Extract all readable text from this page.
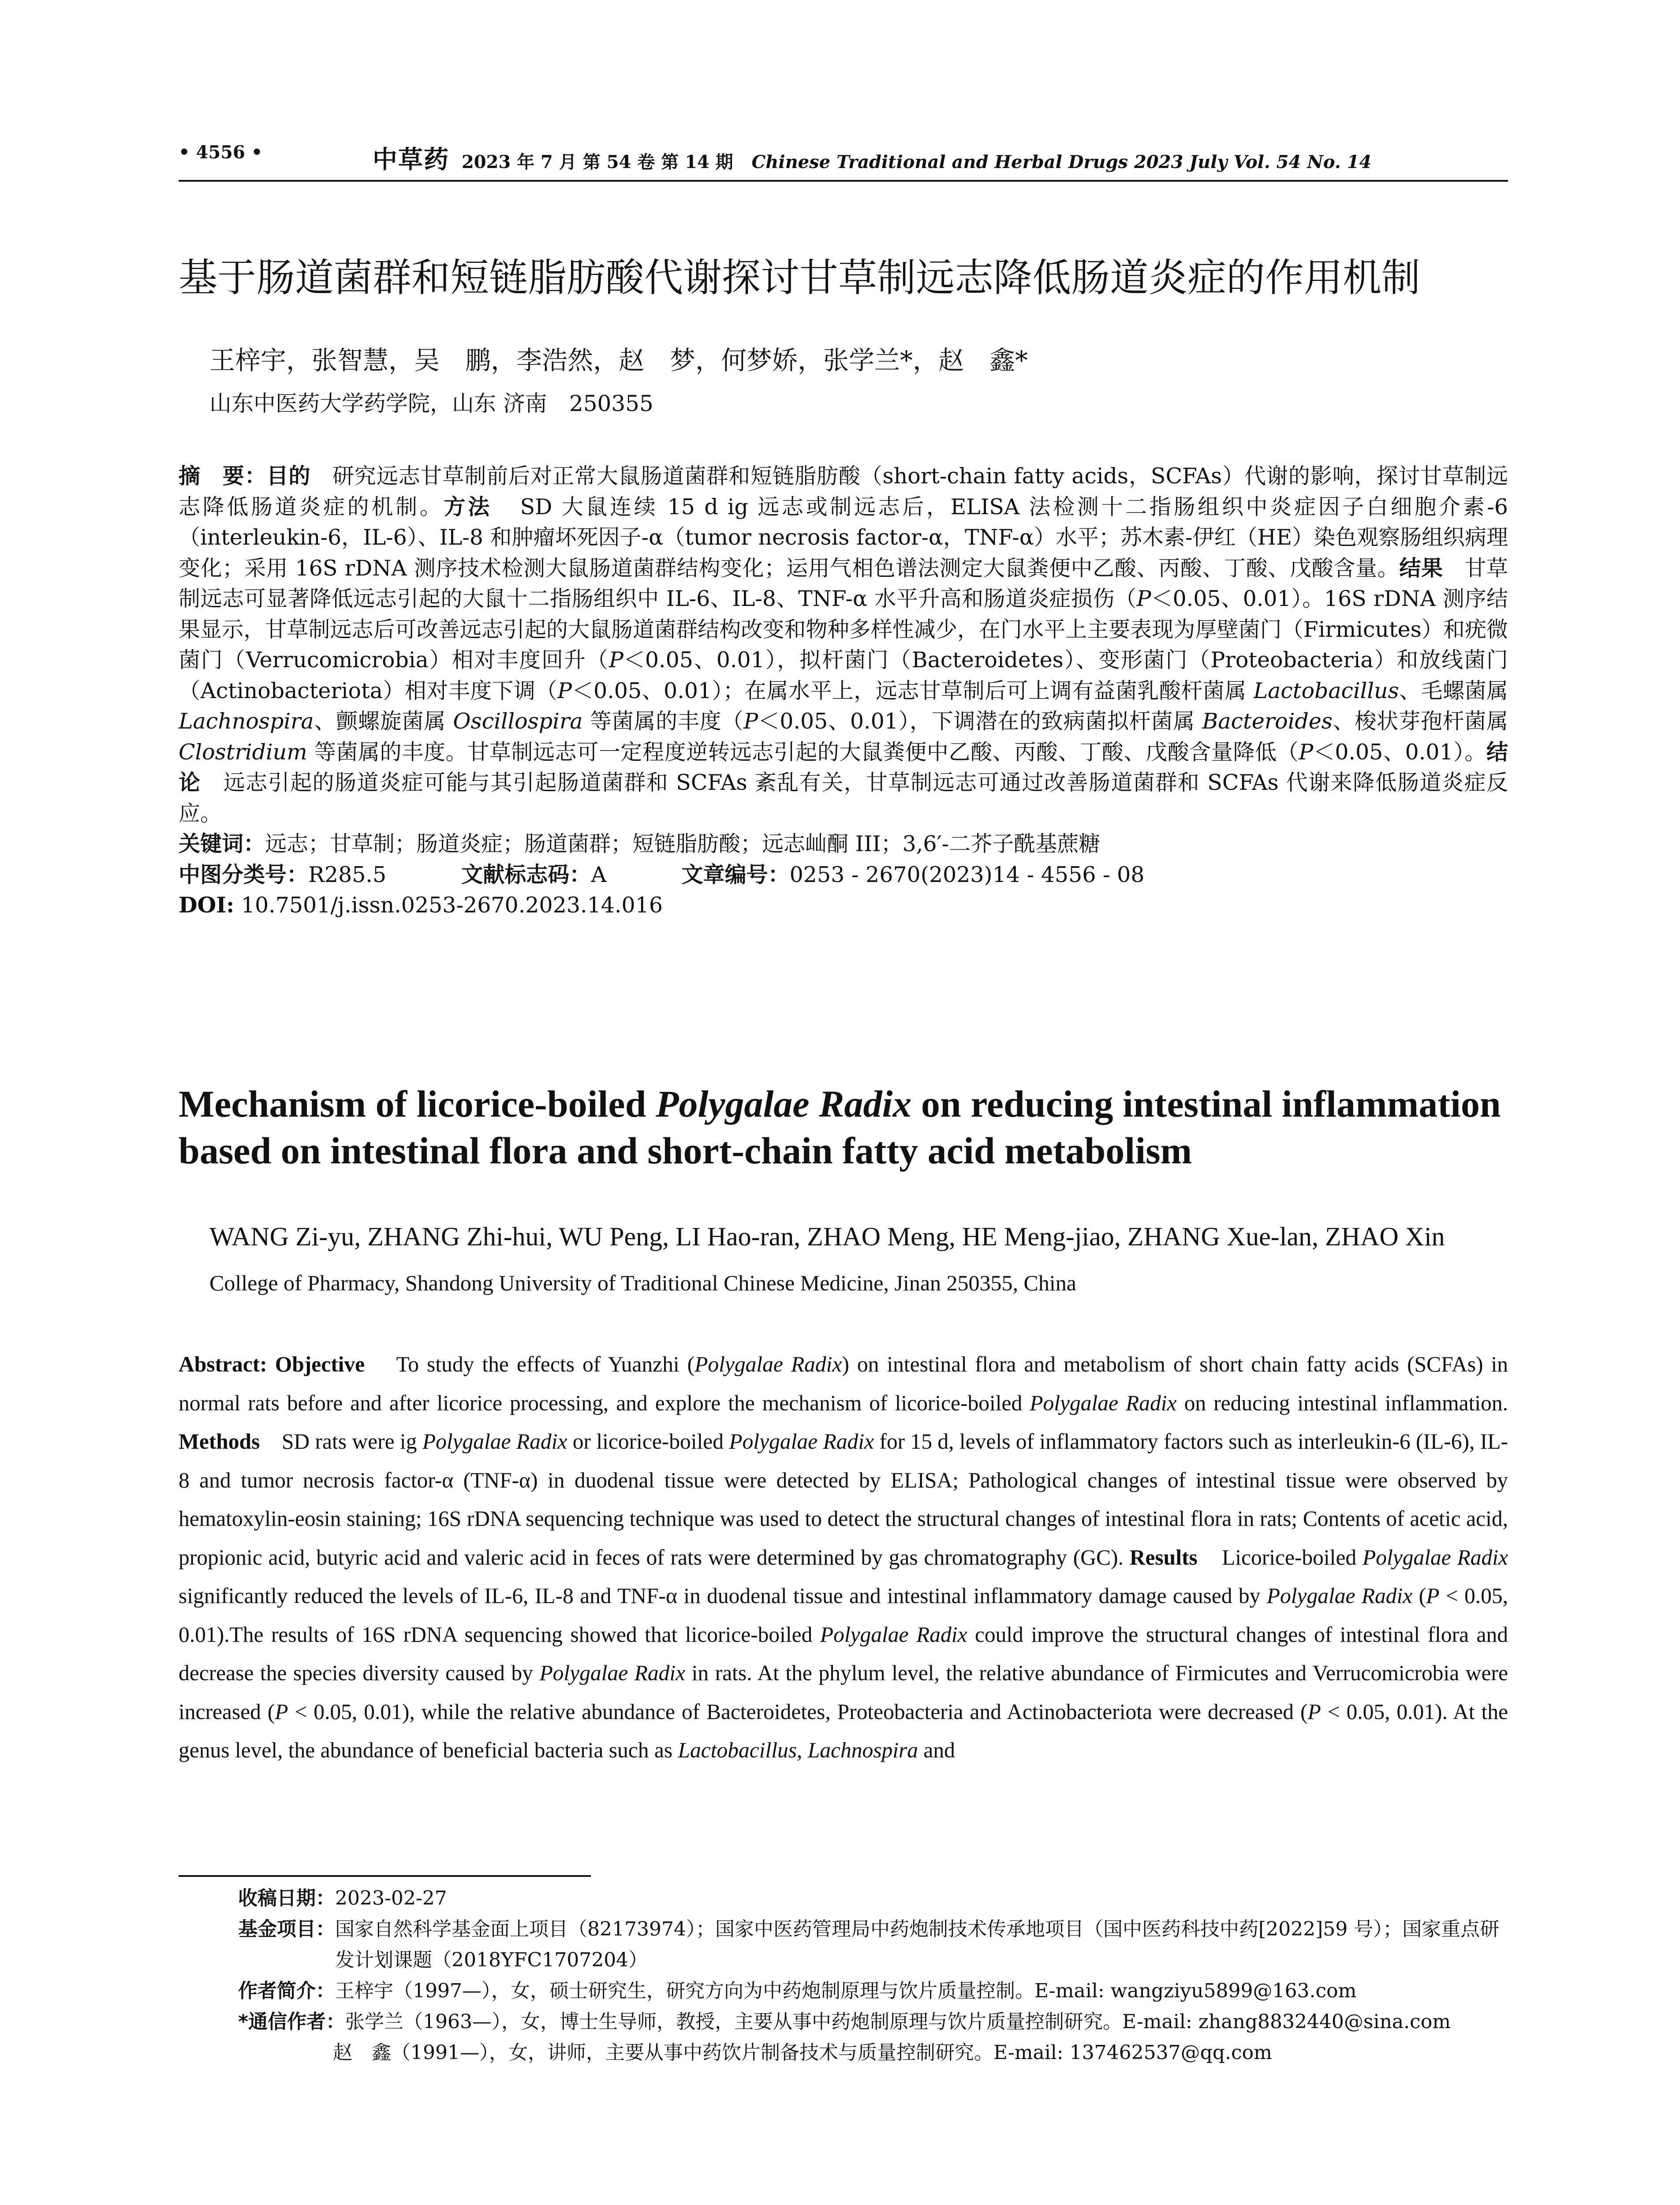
• 4556 •	中草药 2023 年 7 月 第 54 卷 第 14 期 Chinese Traditional and Herbal Drugs 2023 July Vol. 54 No. 14
基于肠道菌群和短链脂肪酸代谢探讨甘草制远志降低肠道炎症的作用机制
王梓宇，张智慧，吴　鹏，李浩然，赵　梦，何梦娇，张学兰*，赵　鑫*
山东中医药大学药学院，山东 济南　250355
摘　要：目的 研究远志甘草制前后对正常大鼠肠道菌群和短链脂肪酸（short-chain fatty acids，SCFAs）代谢的影响，探讨甘草制远志降低肠道炎症的机制。方法 SD 大鼠连续 15 d ig 远志或制远志后，ELISA 法检测十二指肠组织中炎症因子白细胞介素-6（interleukin-6，IL-6）、IL-8 和肿瘤坏死因子-α（tumor necrosis factor-α，TNF-α）水平；苏木素-伊红（HE）染色观察肠组织病理变化；采用 16S rDNA 测序技术检测大鼠肠道菌群结构变化；运用气相色谱法测定大鼠粪便中乙酸、丙酸、丁酸、戊酸含量。结果 甘草制远志可显著降低远志引起的大鼠十二指肠组织中 IL-6、IL-8、TNF-α 水平升高和肠道炎症损伤（P＜0.05、0.01）。16S rDNA 测序结果显示，甘草制远志后可改善远志引起的大鼠肠道菌群结构改变和物种多样性减少，在门水平上主要表现为厚壁菌门（Firmicutes）和疣微菌门（Verrucomicrobia）相对丰度回升（P＜0.05、0.01），拟杆菌门（Bacteroidetes）、变形菌门（Proteobacteria）和放线菌门（Actinobacteriota）相对丰度下调（P＜0.05、0.01）；在属水平上，远志甘草制后可上调有益菌乳酸杆菌属 Lactobacillus、毛螺菌属 Lachnospira、颤螺旋菌属 Oscillospira 等菌属的丰度（P＜0.05、0.01），下调潜在的致病菌拟杆菌属 Bacteroides、梭状芽孢杆菌属 Clostridium 等菌属的丰度。甘草制远志可一定程度逆转远志引起的大鼠粪便中乙酸、丙酸、丁酸、戊酸含量降低（P＜0.05、0.01）。结论 远志引起的肠道炎症可能与其引起肠道菌群和 SCFAs 紊乱有关，甘草制远志可通过改善肠道菌群和 SCFAs 代谢来降低肠道炎症反应。
关键词：远志；甘草制；肠道炎症；肠道菌群；短链脂肪酸；远志屾酮 III；3,6′-二芥子酰基蔗糖
中图分类号：R285.5	文献标志码：A	文章编号：0253 - 2670(2023)14 - 4556 - 08
DOI: 10.7501/j.issn.0253-2670.2023.14.016
Mechanism of licorice-boiled Polygalae Radix on reducing intestinal inflammation based on intestinal flora and short-chain fatty acid metabolism
WANG Zi-yu, ZHANG Zhi-hui, WU Peng, LI Hao-ran, ZHAO Meng, HE Meng-jiao, ZHANG Xue-lan, ZHAO Xin
College of Pharmacy, Shandong University of Traditional Chinese Medicine, Jinan 250355, China
Abstract: Objective To study the effects of Yuanzhi (Polygalae Radix) on intestinal flora and metabolism of short chain fatty acids (SCFAs) in normal rats before and after licorice processing, and explore the mechanism of licorice-boiled Polygalae Radix on reducing intestinal inflammation. Methods SD rats were ig Polygalae Radix or licorice-boiled Polygalae Radix for 15 d, levels of inflammatory factors such as interleukin-6 (IL-6), IL-8 and tumor necrosis factor-α (TNF-α) in duodenal tissue were detected by ELISA; Pathological changes of intestinal tissue were observed by hematoxylin-eosin staining; 16S rDNA sequencing technique was used to detect the structural changes of intestinal flora in rats; Contents of acetic acid, propionic acid, butyric acid and valeric acid in feces of rats were determined by gas chromatography (GC). Results Licorice-boiled Polygalae Radix significantly reduced the levels of IL-6, IL-8 and TNF-α in duodenal tissue and intestinal inflammatory damage caused by Polygalae Radix (P < 0.05, 0.01).The results of 16S rDNA sequencing showed that licorice-boiled Polygalae Radix could improve the structural changes of intestinal flora and decrease the species diversity caused by Polygalae Radix in rats. At the phylum level, the relative abundance of Firmicutes and Verrucomicrobia were increased (P < 0.05, 0.01), while the relative abundance of Bacteroidetes, Proteobacteria and Actinobacteriota were decreased (P < 0.05, 0.01). At the genus level, the abundance of beneficial bacteria such as Lactobacillus, Lachnospira and
收稿日期： 2023-02-27
基金项目： 国家自然科学基金面上项目（82173974）；国家中医药管理局中药炮制技术传承地项目（国中医药科技中药[2022]59 号）；国家重点研发计划课题（2018YFC1707204）
作者简介： 王梓宇（1997—），女，硕士研究生，研究方向为中药炮制原理与饮片质量控制。E-mail: wangziyu5899@163.com
*通信作者： 张学兰（1963—），女，博士生导师，教授，主要从事中药炮制原理与饮片质量控制研究。E-mail: zhang8832440@sina.com
赵　鑫（1991—），女，讲师，主要从事中药饮片制备技术与质量控制研究。E-mail: 137462537@qq.com
